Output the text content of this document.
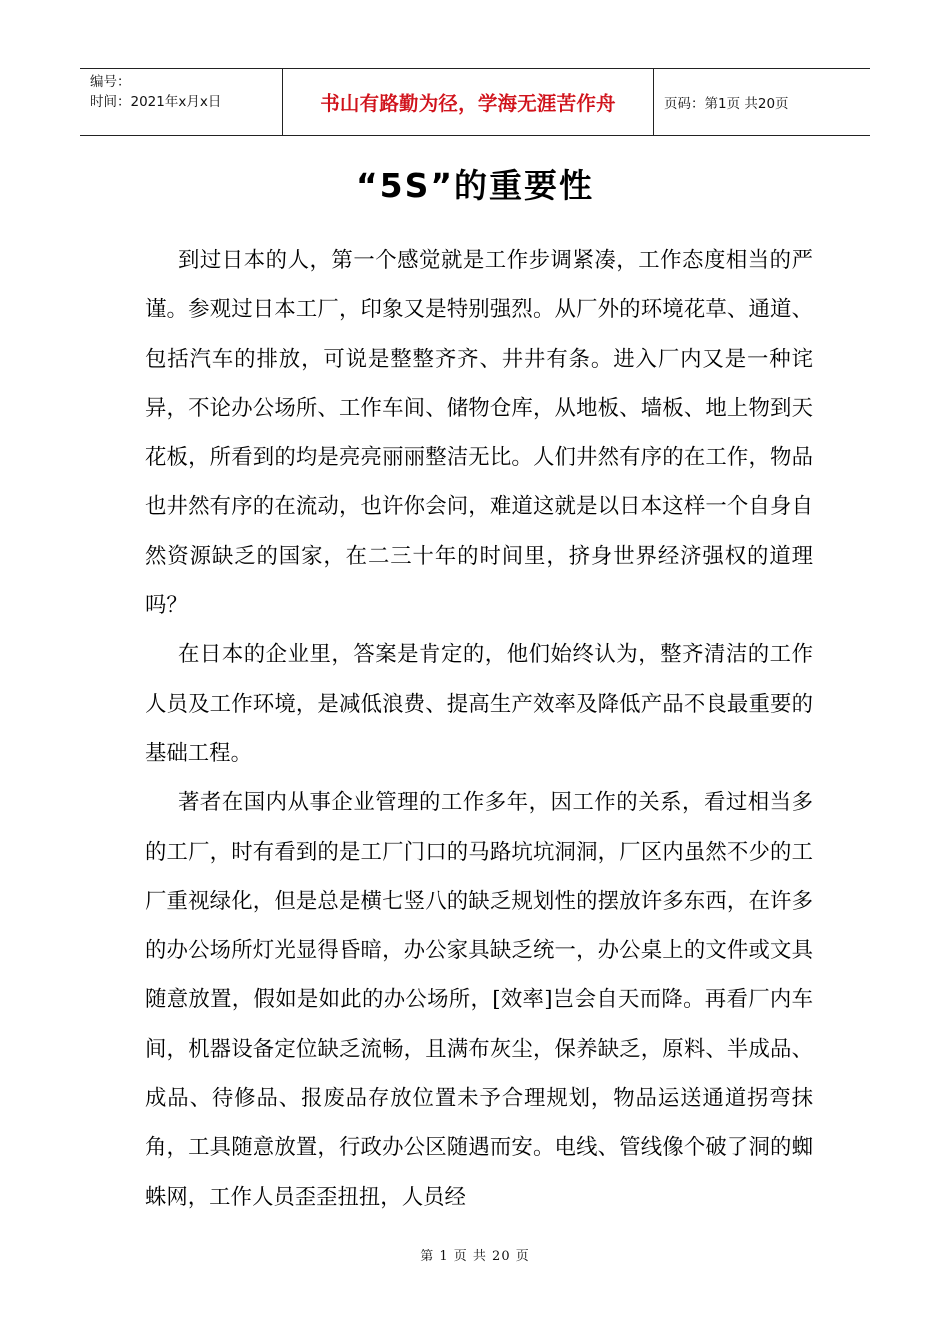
编号：
时间：2021年x月x日	书山有路勤为径，学海无涯苦作舟	页码：第1页 共20页
“5S”的重要性

到过日本的人，第一个感觉就是工作步调紧凑，工作态度相当的严谨。参观过日本工厂，印象又是特别强烈。从厂外的环境花草、通道、包括汽车的排放，可说是整整齐齐、井井有条。进入厂内又是一种诧异，不论办公场所、工作车间、储物仓库，从地板、墙板、地上物到天花板，所看到的均是亮亮丽丽整洁无比。人们井然有序的在工作，物品也井然有序的在流动，也许你会问，难道这就是以日本这样一个自身自然资源缺乏的国家，在二三十年的时间里，挤身世界经济强权的道理吗？

在日本的企业里，答案是肯定的，他们始终认为，整齐清洁的工作人员及工作环境，是减低浪费、提高生产效率及降低产品不良最重要的基础工程。

著者在国内从事企业管理的工作多年，因工作的关系，看过相当多的工厂，时有看到的是工厂门口的马路坑坑洞洞，厂区内虽然不少的工厂重视绿化，但是总是横七竖八的缺乏规划性的摆放许多东西，在许多的办公场所灯光显得昏暗，办公家具缺乏统一，办公桌上的文件或文具随意放置，假如是如此的办公场所，[效率]岂会自天而降。再看厂内车间，机器设备定位缺乏流畅，且满布灰尘，保养缺乏，原料、半成品、成品、待修品、报废品存放位置未予合理规划，物品运送通道拐弯抹角，工具随意放置，行政办公区随遇而安。电线、管线像个破了洞的蜘蛛网，工作人员歪歪扭扭，人员经

第 1 页 共 20 页
